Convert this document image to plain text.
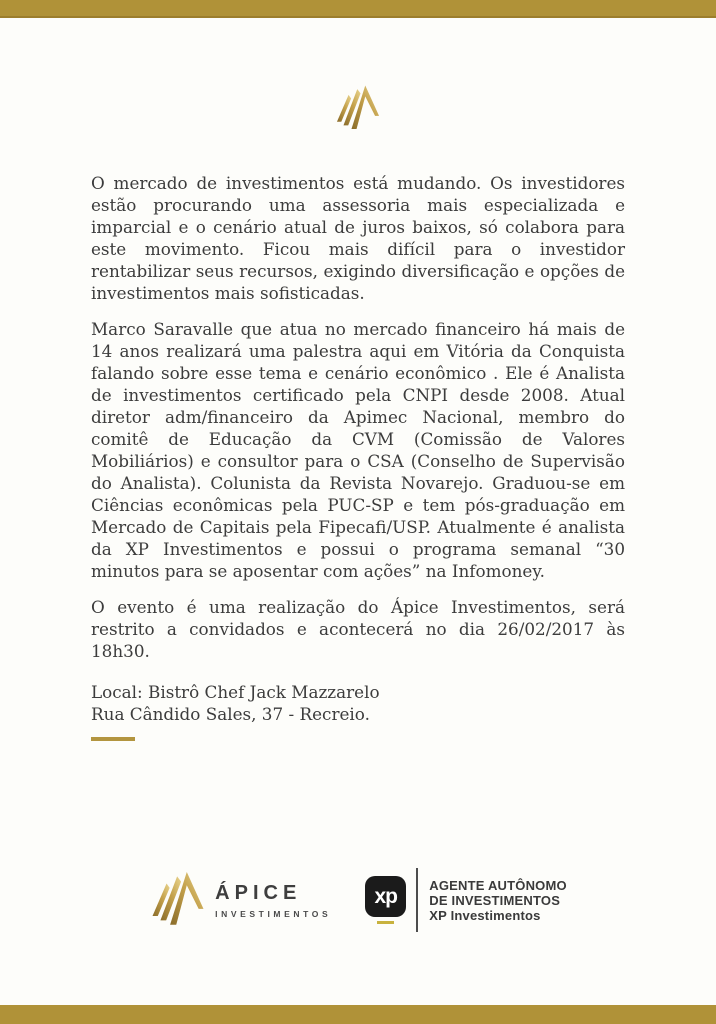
O mercado de investimentos está mudando. Os investidores estão procurando uma assessoria mais especializada e imparcial e o cenário atual de juros baixos, só colabora para este movimento. Ficou mais difícil para o investidor rentabilizar seus recursos, exigindo diversificação e opções de investimentos mais sofisticadas.

Marco Saravalle que atua no mercado financeiro há mais de 14 anos realizará uma palestra aqui em Vitória da Conquista falando sobre esse tema e cenário econômico . Ele é Analista de investimentos certificado pela CNPI desde 2008. Atual diretor adm/financeiro da Apimec Nacional, membro do comitê de Educação da CVM (Comissão de Valores Mobiliários) e consultor para o CSA (Conselho de Supervisão do Analista). Colunista da Revista Novarejo. Graduou-se em Ciências econômicas pela PUC-SP e tem pós-graduação em Mercado de Capitais pela Fipecafi/USP. Atualmente é analista da XP Investimentos e possui o programa semanal “30 minutos para se aposentar com ações” na Infomoney.

O evento é uma realização do Ápice Investimentos, será restrito a convidados e acontecerá no dia 26/02/2017 às 18h30.

Local: Bistrô Chef Jack Mazzarelo
Rua Cândido Sales, 37 - Recreio.
ÁPICE
INVESTIMENTOS
xp	AGENTE AUTÔNOMO
DE INVESTIMENTOS
XP Investimentos
